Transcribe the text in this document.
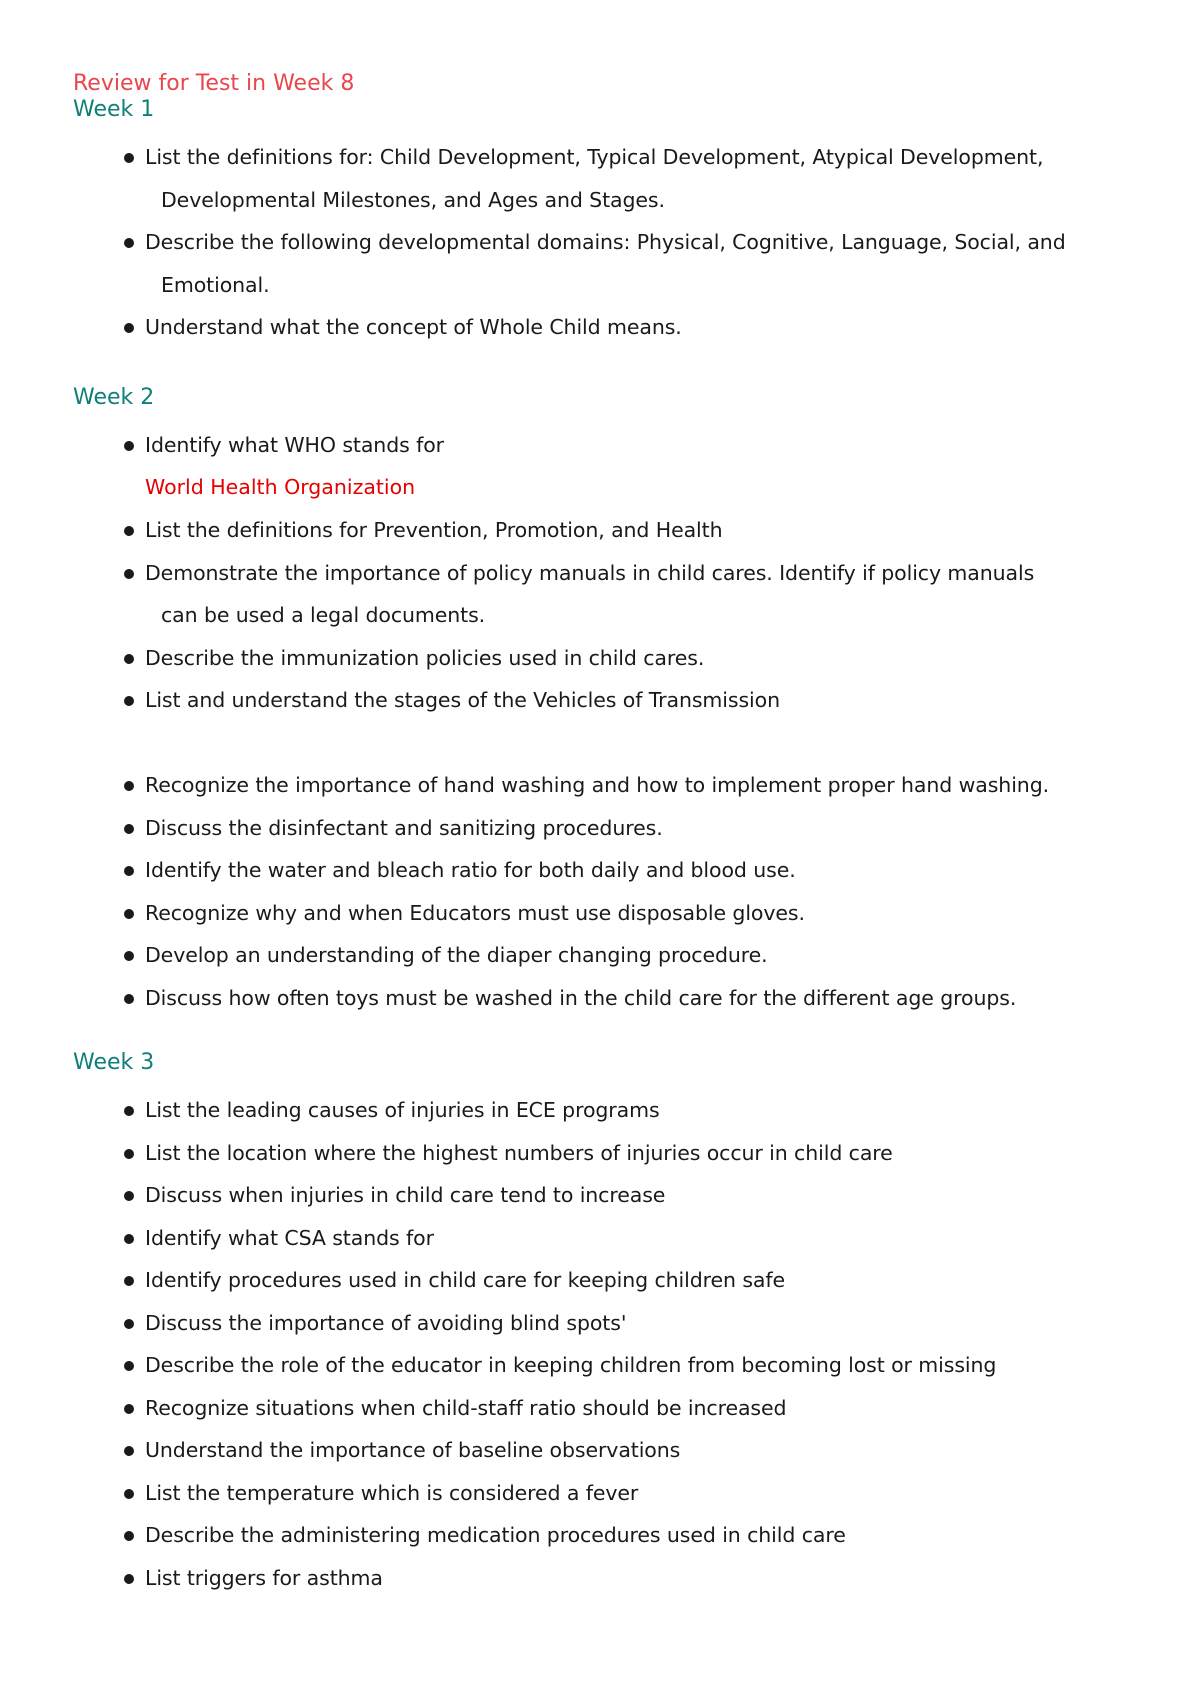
Review for Test in Week 8
Week 1
List the definitions for: Child Development, Typical Development, Atypical Development,
Developmental Milestones, and Ages and Stages.
Describe the following developmental domains: Physical, Cognitive, Language, Social, and
Emotional.
Understand what the concept of Whole Child means.
Week 2
Identify what WHO stands for

World Health Organization

List the definitions for Prevention, Promotion, and Health
Demonstrate the importance of policy manuals in child cares. Identify if policy manuals
can be used a legal documents.
Describe the immunization policies used in child cares.
List and understand the stages of the Vehicles of Transmission
Recognize the importance of hand washing and how to implement proper hand washing.
Discuss the disinfectant and sanitizing procedures.
Identify the water and bleach ratio for both daily and blood use.
Recognize why and when Educators must use disposable gloves.
Develop an understanding of the diaper changing procedure.
Discuss how often toys must be washed in the child care for the different age groups.
Week 3
List the leading causes of injuries in ECE programs
List the location where the highest numbers of injuries occur in child care
Discuss when injuries in child care tend to increase
Identify what CSA stands for
Identify procedures used in child care for keeping children safe
Discuss the importance of avoiding blind spots'
Describe the role of the educator in keeping children from becoming lost or missing
Recognize situations when child-staff ratio should be increased
Understand the importance of baseline observations
List the temperature which is considered a fever
Describe the administering medication procedures used in child care
List triggers for asthma
